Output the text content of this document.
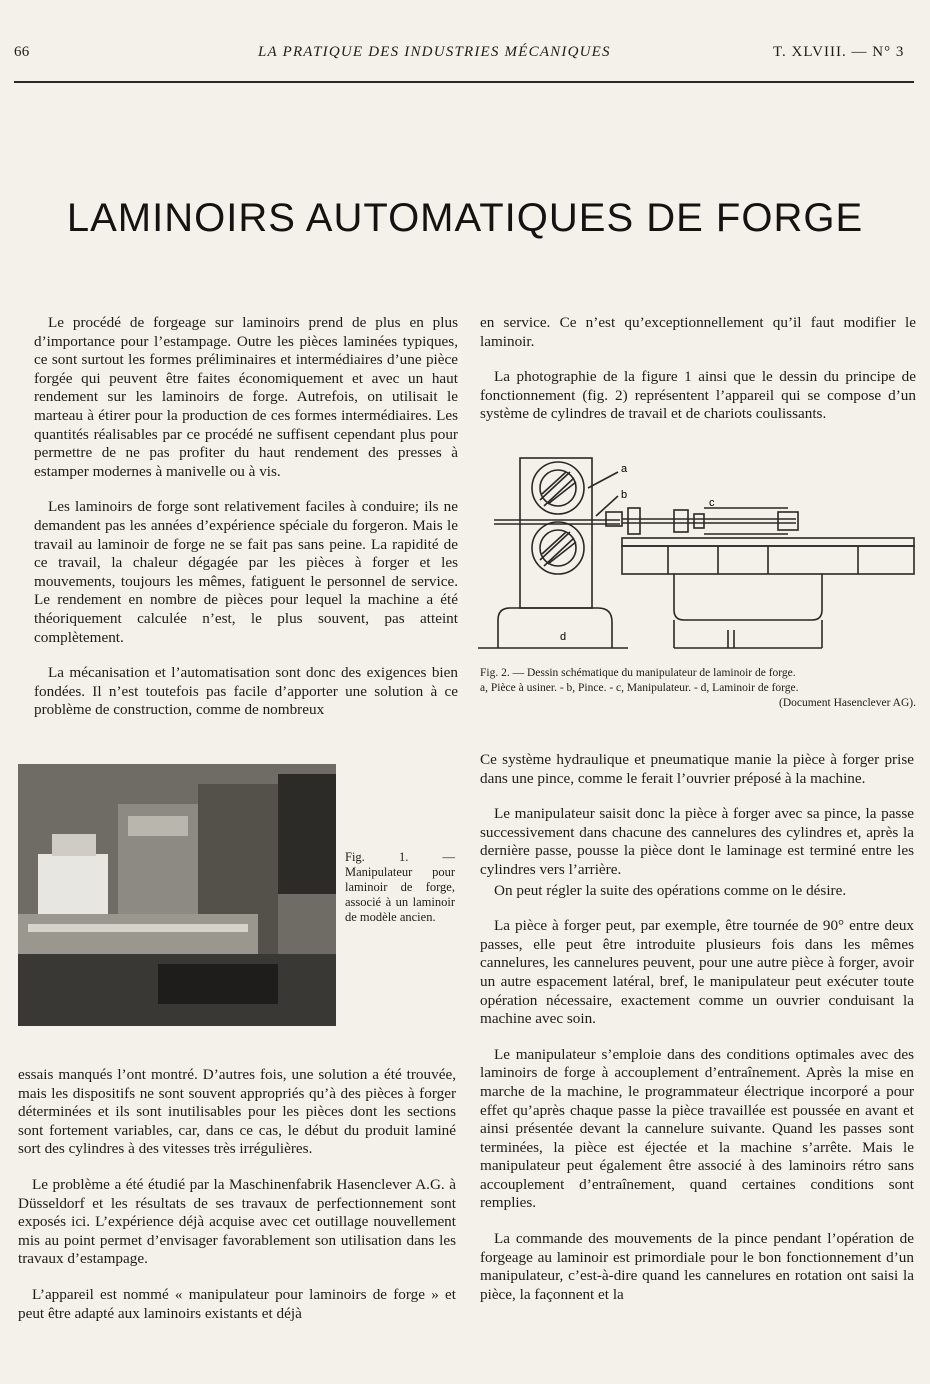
66	LA PRATIQUE DES INDUSTRIES MÉCANIQUES	T. XLVIII. — N° 3
LAMINOIRS AUTOMATIQUES DE FORGE

Le procédé de forgeage sur laminoirs prend de plus en plus d’importance pour l’estampage. Outre les pièces laminées typiques, ce sont surtout les formes préliminaires et intermédiaires d’une pièce forgée qui peuvent être faites économiquement et avec un haut rendement sur les laminoirs de forge. Autrefois, on utilisait le marteau à étirer pour la production de ces formes intermédiaires. Les quantités réalisables par ce procédé ne suffisent cependant plus pour permettre de ne pas profiter du haut rendement des presses à estamper modernes à manivelle ou à vis.

Les laminoirs de forge sont relativement faciles à conduire; ils ne demandent pas les années d’expérience spéciale du forgeron. Mais le travail au laminoir de forge ne se fait pas sans peine. La rapidité de ce travail, la chaleur dégagée par les pièces à forger et les mouvements, toujours les mêmes, fatiguent le personnel de service. Le rendement en nombre de pièces pour lequel la machine a été théoriquement calculée n’est, le plus souvent, pas atteint complètement.

La mécanisation et l’automatisation sont donc des exigences bien fondées. Il n’est toutefois pas facile d’apporter une solution à ce problème de construction, comme de nombreux

en service. Ce n’est qu’exceptionnellement qu’il faut modifier le laminoir.

La photographie de la figure 1 ainsi que le dessin du principe de fonctionnement (fig. 2) représentent l’appareil qui se compose d’un système de cylindres de travail et de chariots coulissants.

a
b
c
d
Fig. 2. — Dessin schématique du manipulateur de laminoir de forge.
a, Pièce à usiner. - b, Pince. - c, Manipulateur. - d, Laminoir de forge.
(Document Hasenclever AG).
Fig. 1. — Manipulateur pour laminoir de forge, associé à un laminoir de modèle ancien.

essais manqués l’ont montré. D’autres fois, une solution a été trouvée, mais les dispositifs ne sont souvent appropriés qu’à des pièces à forger déterminées et ils sont inutilisables pour les pièces dont les sections sont fortement variables, car, dans ce cas, le début du produit laminé sort des cylindres à des vitesses très irrégulières.

Le problème a été étudié par la Maschinenfabrik Hasenclever A.G. à Düsseldorf et les résultats de ses travaux de perfectionnement sont exposés ici. L’expérience déjà acquise avec cet outillage nouvellement mis au point permet d’envisager favorablement son utilisation dans les travaux d’estampage.

L’appareil est nommé « manipulateur pour laminoirs de forge » et peut être adapté aux laminoirs existants et déjà

Ce système hydraulique et pneumatique manie la pièce à forger prise dans une pince, comme le ferait l’ouvrier préposé à la machine.

Le manipulateur saisit donc la pièce à forger avec sa pince, la passe successivement dans chacune des cannelures des cylindres et, après la dernière passe, pousse la pièce dont le laminage est terminé entre les cylindres vers l’arrière.

On peut régler la suite des opérations comme on le désire.

La pièce à forger peut, par exemple, être tournée de 90° entre deux passes, elle peut être introduite plusieurs fois dans les mêmes cannelures, les cannelures peuvent, pour une autre pièce à forger, avoir un autre espacement latéral, bref, le manipulateur peut exécuter toute opération nécessaire, exactement comme un ouvrier conduisant la machine avec soin.

Le manipulateur s’emploie dans des conditions optimales avec des laminoirs de forge à accouplement d’entraînement. Après la mise en marche de la machine, le programmateur électrique incorporé a pour effet qu’après chaque passe la pièce travaillée est poussée en avant et ainsi présentée devant la cannelure suivante. Quand les passes sont terminées, la pièce est éjectée et la machine s’arrête. Mais le manipulateur peut également être associé à des laminoirs rétro sans accouplement d’entraînement, quand certaines conditions sont remplies.

La commande des mouvements de la pince pendant l’opération de forgeage au laminoir est primordiale pour le bon fonctionnement d’un manipulateur, c’est-à-dire quand les cannelures en rotation ont saisi la pièce, la façonnent et la
